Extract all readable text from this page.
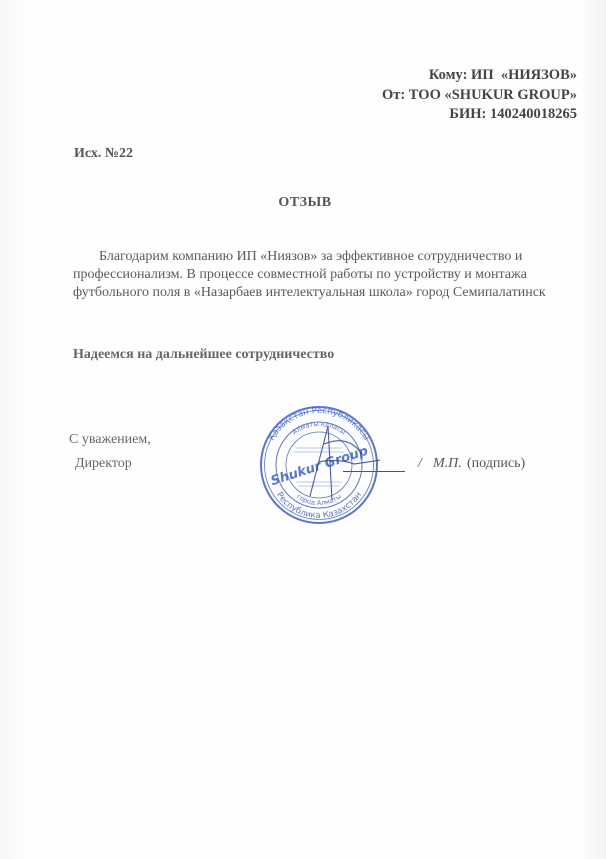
Кому: ИП  «НИЯЗОВ»
От: ТОО «SHUKUR GROUP»
БИН: 140240018265
Исх. №22
ОТЗЫВ
Благодарим компанию ИП «Ниязов» за эффективное сотрудничество и
профессионализм. В процессе совместной работы по устройству и монтажа
футбольного поля в «Назарбаев интелектуальная школа» город Семипалатинск
Надеемся на дальнейшее сотрудничество
С уважением,
Директор	/ М.П. (подпись)
Қазақстан Республикасы
Республика Казахстан
Алматы қаласы
город Алматы
Shukur Group
